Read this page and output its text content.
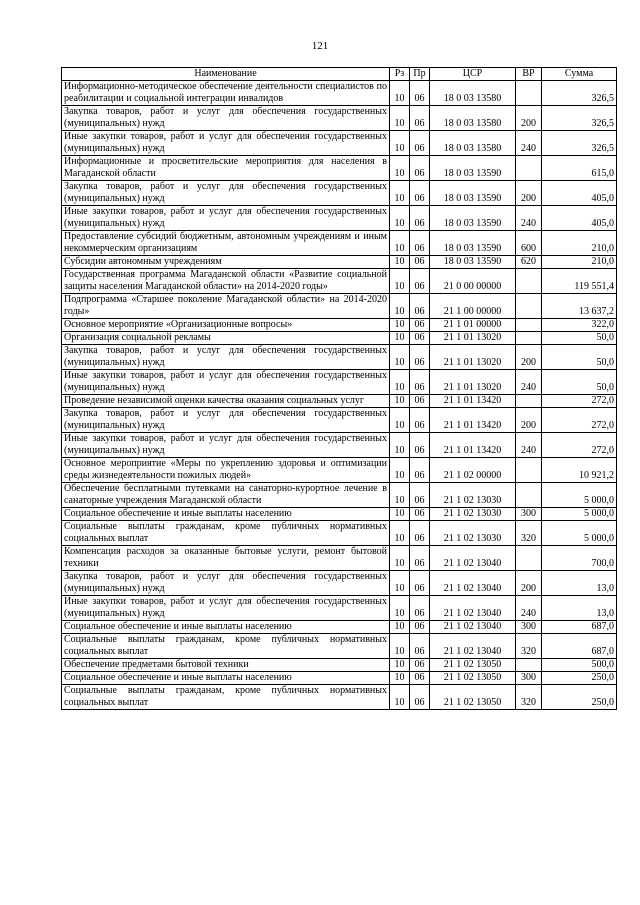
121
Наименование	Рз	Пр	ЦСР	ВР	Сумма
Информационно-методическое обеспечение деятельности специалистов по реабилитации и социальной интеграции инвалидов	10	06	18 0 03 13580		326,5
Закупка товаров, работ и услуг для обеспечения государственных (муниципальных) нужд	10	06	18 0 03 13580	200	326,5
Иные закупки товаров, работ и услуг для обеспечения государственных (муниципальных) нужд	10	06	18 0 03 13580	240	326,5
Информационные и просветительские мероприятия для населения в Магаданской области	10	06	18 0 03 13590		615,0
Закупка товаров, работ и услуг для обеспечения государственных (муниципальных) нужд	10	06	18 0 03 13590	200	405,0
Иные закупки товаров, работ и услуг для обеспечения государственных (муниципальных) нужд	10	06	18 0 03 13590	240	405,0
Предоставление субсидий бюджетным, автономным учреждениям и иным некоммерческим организациям	10	06	18 0 03 13590	600	210,0
Субсидии автономным учреждениям	10	06	18 0 03 13590	620	210,0
Государственная программа Магаданской области «Развитие социальной защиты населения Магаданской области» на 2014-2020 годы»	10	06	21 0 00 00000		119 551,4
Подпрограмма «Старшее поколение Магаданской области» на 2014-2020 годы»	10	06	21 1 00 00000		13 637,2
Основное мероприятие «Организационные вопросы»	10	06	21 1 01 00000		322,0
Организация социальной рекламы	10	06	21 1 01 13020		50,0
Закупка товаров, работ и услуг для обеспечения государственных (муниципальных) нужд	10	06	21 1 01 13020	200	50,0
Иные закупки товаров, работ и услуг для обеспечения государственных (муниципальных) нужд	10	06	21 1 01 13020	240	50,0
Проведение независимой оценки качества оказания социальных услуг	10	06	21 1 01 13420		272,0
Закупка товаров, работ и услуг для обеспечения государственных (муниципальных) нужд	10	06	21 1 01 13420	200	272,0
Иные закупки товаров, работ и услуг для обеспечения государственных (муниципальных) нужд	10	06	21 1 01 13420	240	272,0
Основное мероприятие «Меры по укреплению здоровья и оптимизации среды жизнедеятельности пожилых людей»	10	06	21 1 02 00000		10 921,2
Обеспечение бесплатными путевками на санаторно-курортное лечение в санаторные учреждения Магаданской области	10	06	21 1 02 13030		5 000,0
Социальное обеспечение и иные выплаты населению	10	06	21 1 02 13030	300	5 000,0
Социальные выплаты гражданам, кроме публичных нормативных социальных выплат	10	06	21 1 02 13030	320	5 000,0
Компенсация расходов за оказанные бытовые услуги, ремонт бытовой техники	10	06	21 1 02 13040		700,0
Закупка товаров, работ и услуг для обеспечения государственных (муниципальных) нужд	10	06	21 1 02 13040	200	13,0
Иные закупки товаров, работ и услуг для обеспечения государственных (муниципальных) нужд	10	06	21 1 02 13040	240	13,0
Социальное обеспечение и иные выплаты населению	10	06	21 1 02 13040	300	687,0
Социальные выплаты гражданам, кроме публичных нормативных социальных выплат	10	06	21 1 02 13040	320	687,0
Обеспечение предметами бытовой техники	10	06	21 1 02 13050		500,0
Социальное обеспечение и иные выплаты населению	10	06	21 1 02 13050	300	250,0
Социальные выплаты гражданам, кроме публичных нормативных социальных выплат	10	06	21 1 02 13050	320	250,0
